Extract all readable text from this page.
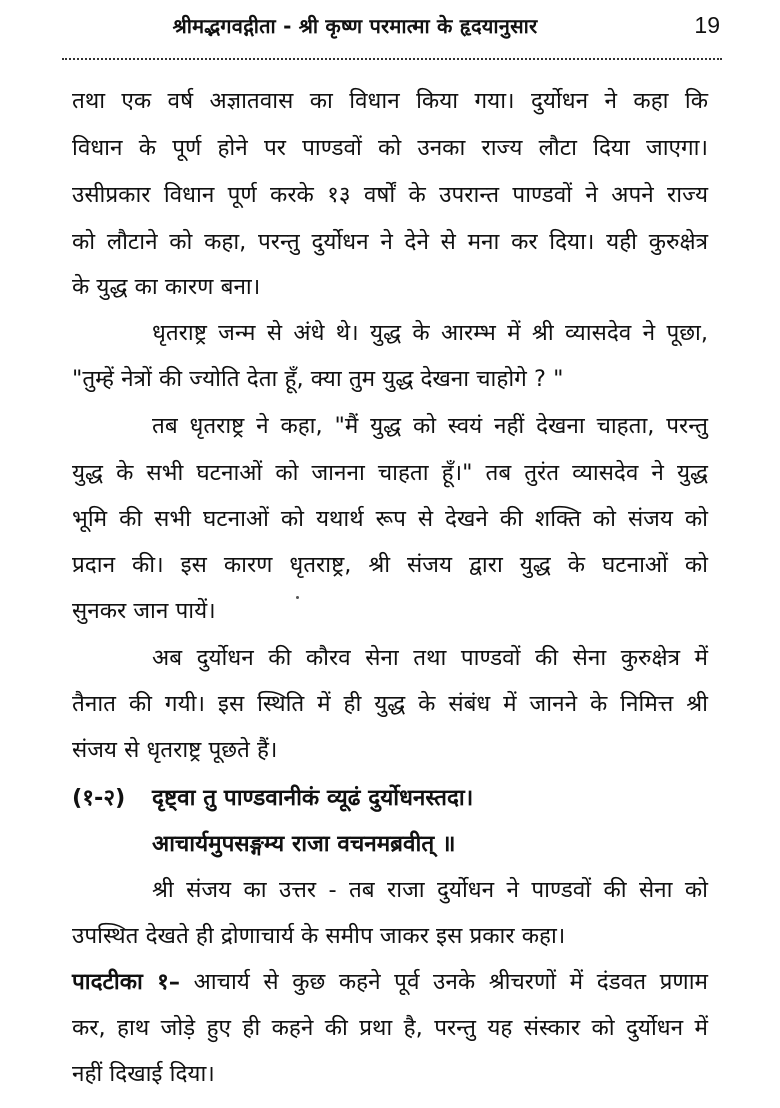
श्रीमद्भगवद्गीता - श्री कृष्ण परमात्मा के हृदयानुसार	19
तथा एक वर्ष अज्ञातवास का विधान किया गया। दुर्योधन ने कहा कि
विधान के पूर्ण होने पर पाण्डवों को उनका राज्य लौटा दिया जाएगा।
उसीप्रकार विधान पूर्ण करके १३ वर्षों के उपरान्त पाण्डवों ने अपने राज्य
को लौटाने को कहा, परन्तु दुर्योधन ने देने से मना कर दिया। यही कुरुक्षेत्र
के युद्ध का कारण बना।
धृतराष्ट्र जन्म से अंधे थे। युद्ध के आरम्भ में श्री व्यासदेव ने पूछा,
"तुम्हें नेत्रों की ज्योति देता हूँ, क्या तुम युद्ध देखना चाहोगे ? "
तब धृतराष्ट्र ने कहा, "मैं युद्ध को स्वयं नहीं देखना चाहता, परन्तु
युद्ध के सभी घटनाओं को जानना चाहता हूँ।" तब तुरंत व्यासदेव ने युद्ध
भूमि की सभी घटनाओं को यथार्थ रूप से देखने की शक्ति को संजय को
प्रदान की। इस कारण धृतराष्ट्र, श्री संजय द्वारा युद्ध के घटनाओं को
सुनकर जान पायें।
अब दुर्योधन की कौरव सेना तथा पाण्डवों की सेना कुरुक्षेत्र में
तैनात की गयी। इस स्थिति में ही युद्ध के संबंध में जानने के निमित्त श्री
संजय से धृतराष्ट्र पूछते हैं।
(१-२) दृष्ट्वा तु पाण्डवानीकं व्यूढं दुर्योधनस्तदा।
आचार्यमुपसङ्गम्य राजा वचनमब्रवीत् ॥
श्री संजय का उत्तर - तब राजा दुर्योधन ने पाण्डवों की सेना को
उपस्थित देखते ही द्रोणाचार्य के समीप जाकर इस प्रकार कहा।
पादटीका १– आचार्य से कुछ कहने पूर्व उनके श्रीचरणों में दंडवत प्रणाम
कर, हाथ जोड़े हुए ही कहने की प्रथा है, परन्तु यह संस्कार को दुर्योधन में
नहीं दिखाई दिया।
